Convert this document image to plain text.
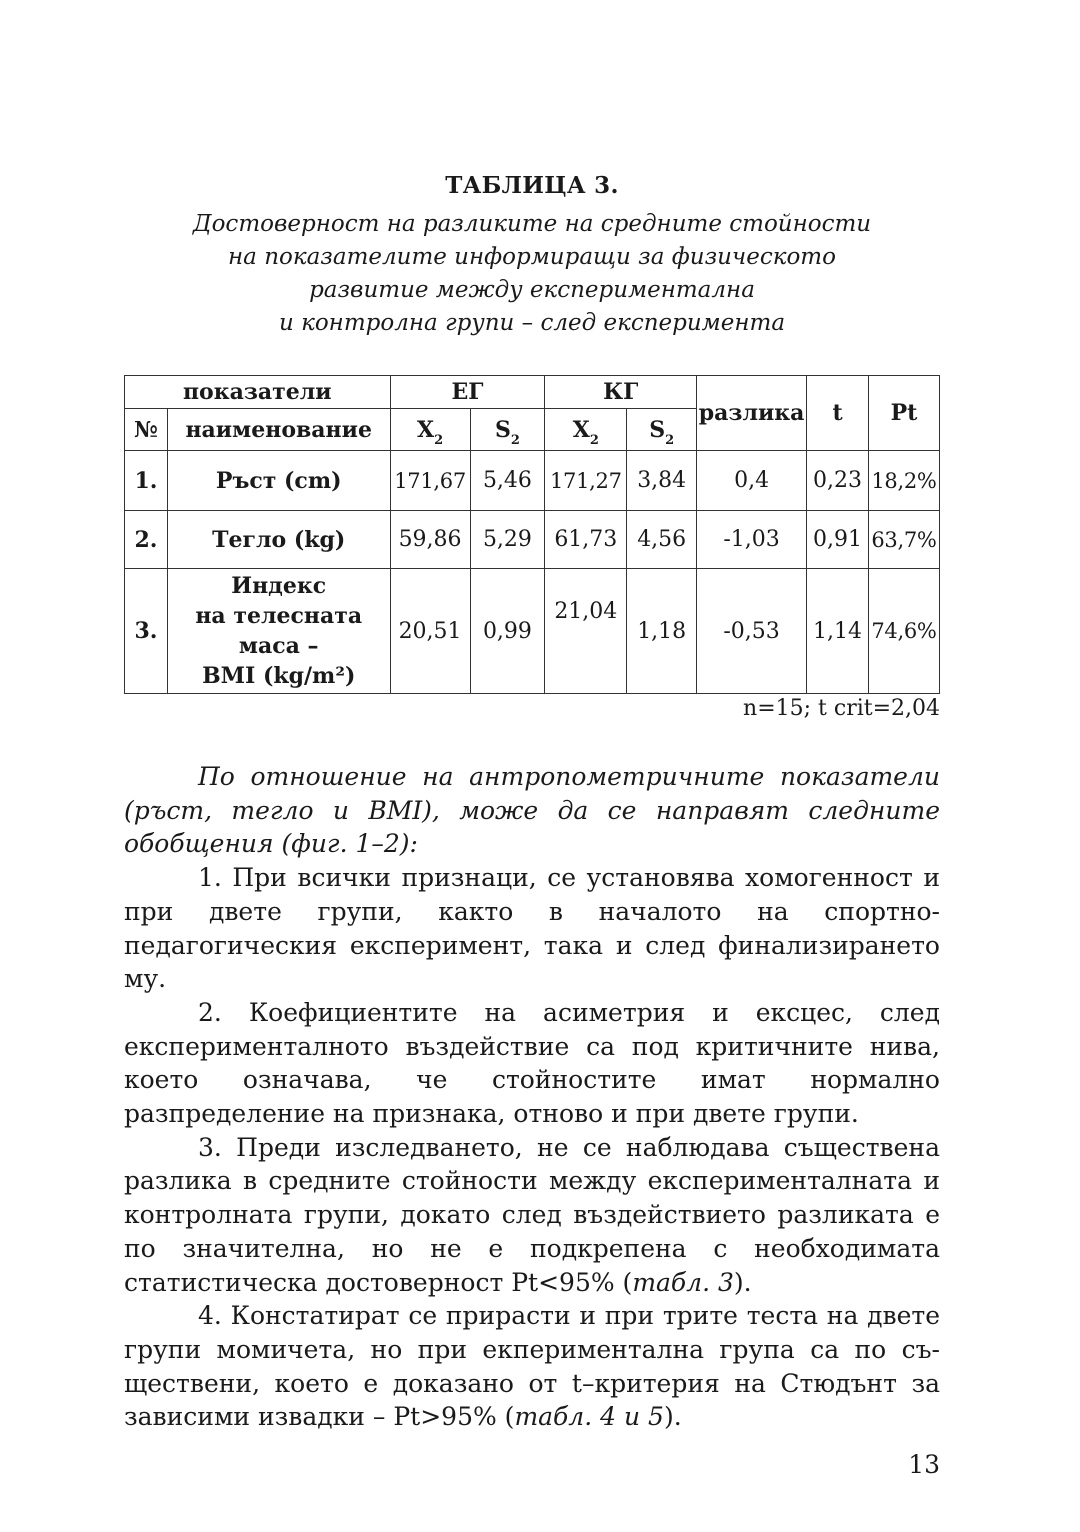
ТАБЛИЦА 3.
Достоверност на разликите на средните стойности
на показателите информиращи за физическото
развитие между експериментална
и контролна групи – след експеримента
показатели		ЕГ		КГ		разлика	t	Pt
№	наименование	$X_2$	$S_2$	$X_2$	$S_2$
1.	Ръст (cm)	171,67	5,46	171,27	3,84	0,4	0,23	18,2%
2.	Тегло (kg)	59,86	5,29	61,73	4,56	-1,03	0,91	63,7%
3.	Индекс
на телесната
маса –
BMI (kg/m²)	20,51	0,99	21,04	1,18	-0,53	1,14	74,6%
n=15; t crit=2,04

По отношение на антропометричните показатели (ръст, тегло и BMI), може да се направят следните обобщения (фиг. 1–2):

1. При всички признаци, се установява хомогенност и при двете групи, както в началото на спортно-педагогическия експеримент, така и след финализирането му.

2. Коефициентите на асиметрия и ексцес, след експерименталното въздействие са под критичните нива, което означава, че стойностите имат нормално разпределение на признака, отново и при двете групи.

3. Преди изследването, не се наблюдава съществена разлика в средните стойности между експерименталната и контролната групи, докато след въздействието разликата е по значителна, но не е подкрепена с необходимата статистическа достоверност Pt<95% (табл. 3).

4. Констатират се прирасти и при трите теста на двете групи момичета, но при екпериментална група са по съществени, което е доказано от t–критерия на Стюдънт за зависими извадки – Pt>95% (табл. 4 и 5).

13
